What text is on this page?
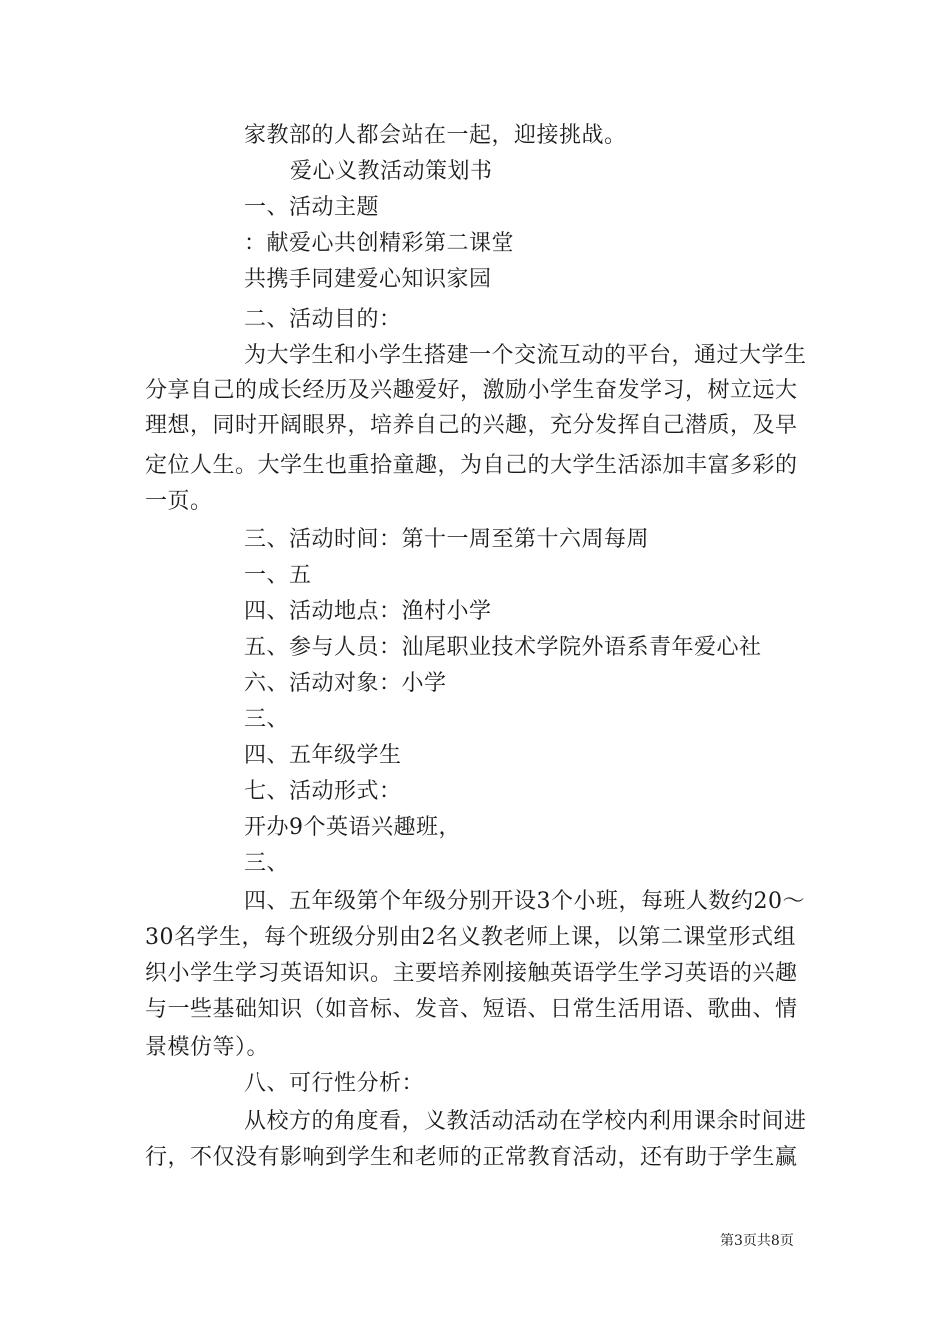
家教部的人都会站在一起，迎接挑战。
爱心义教活动策划书
一、活动主题
：献爱心共创精彩第二课堂
共携手同建爱心知识家园
二、活动目的：
为大学生和小学生搭建一个交流互动的平台，通过大学生
分享自己的成长经历及兴趣爱好，激励小学生奋发学习，树立远大
理想，同时开阔眼界，培养自己的兴趣，充分发挥自己潜质，及早
定位人生。大学生也重拾童趣，为自己的大学生活添加丰富多彩的
一页。
三、活动时间：第十一周至第十六周每周
一、五
四、活动地点：渔村小学
五、参与人员：汕尾职业技术学院外语系青年爱心社
六、活动对象：小学
三、
四、五年级学生
七、活动形式：
开办9个英语兴趣班，
三、
四、五年级第个年级分别开设3个小班，每班人数约20～
30名学生，每个班级分别由2名义教老师上课，以第二课堂形式组
织小学生学习英语知识。主要培养刚接触英语学生学习英语的兴趣
与一些基础知识（如音标、发音、短语、日常生活用语、歌曲、情
景模仿等）。
八、可行性分析：
从校方的角度看，义教活动活动在学校内利用课余时间进
行，不仅没有影响到学生和老师的正常教育活动，还有助于学生赢
第3页共8页
